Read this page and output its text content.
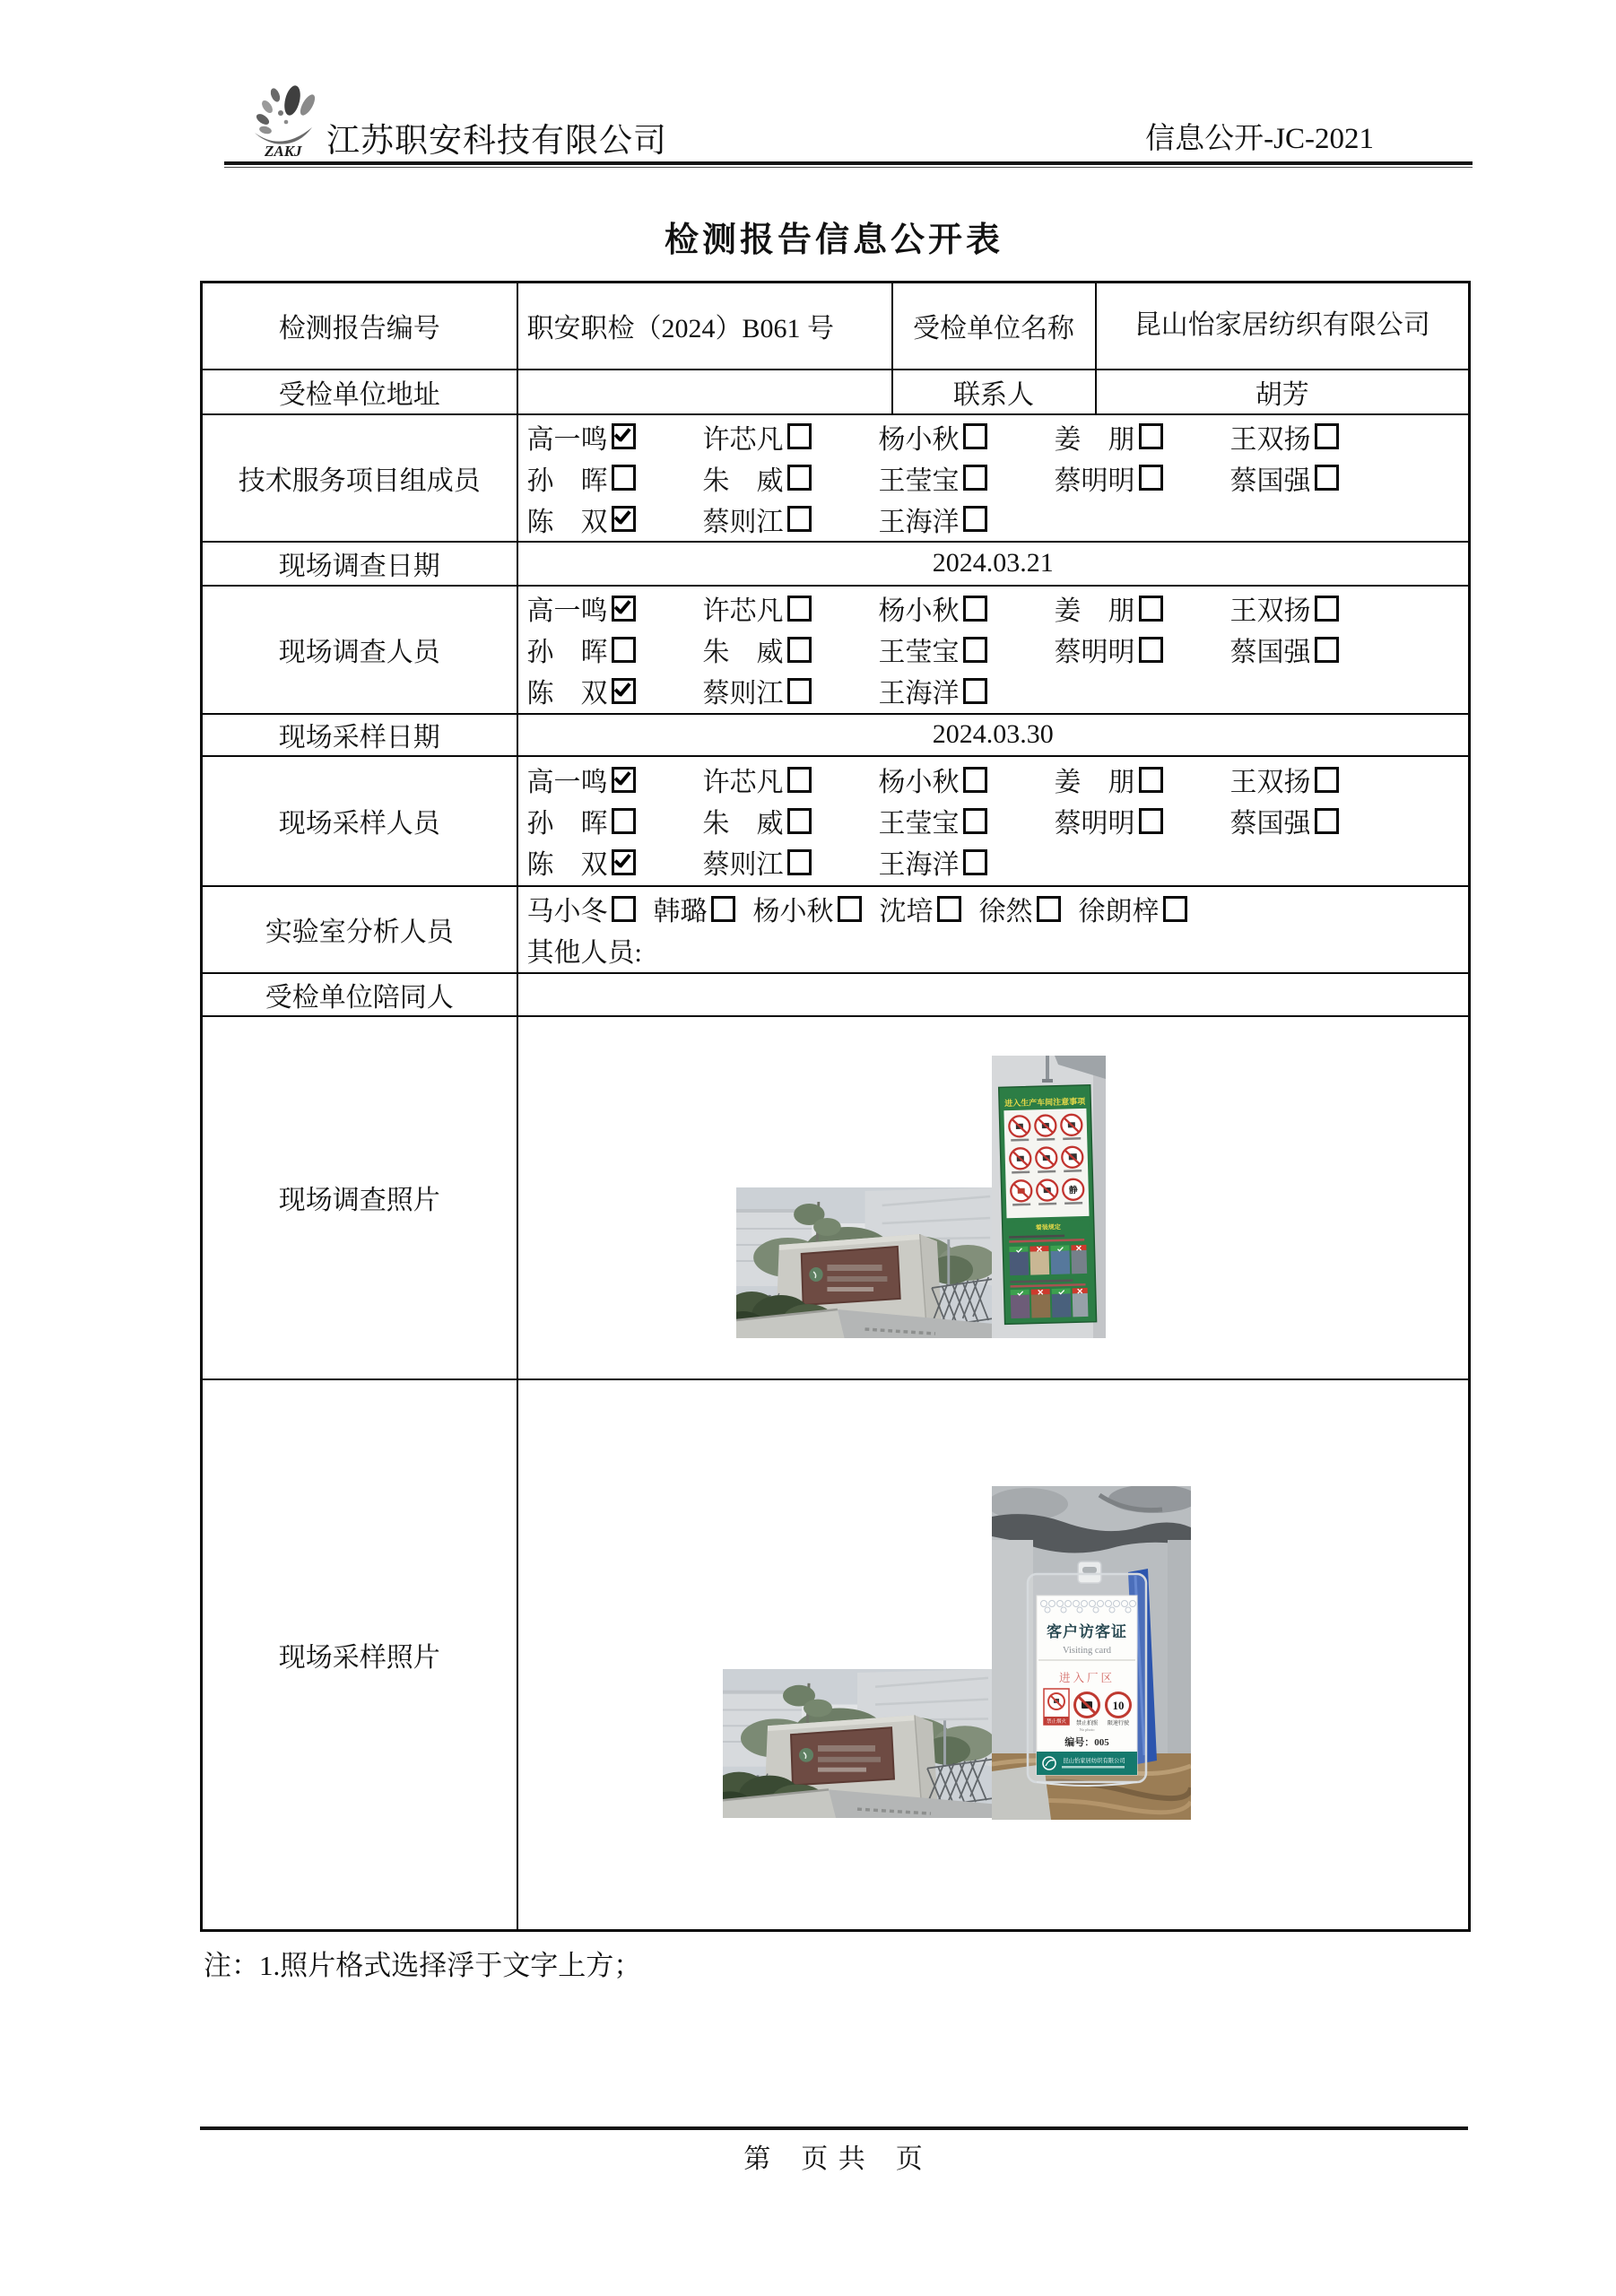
ZAKJ 江苏职安科技有限公司	信息公开-JC-2021
检测报告信息公开表
检测报告编号	职安职检（2024）B061 号	受检单位名称	昆山怡家居纺织有限公司
受检单位地址		联系人	胡芳
技术服务项目组成员	
高一鸣	许芯凡	杨小秋	姜　朋	王双扬
孙　晖	朱　威	王莹宝	蔡明明	蔡国强
陈　双	蔡则江	王海洋

现场调查日期	2024.03.21		
现场调查人员	
高一鸣	许芯凡	杨小秋	姜　朋	王双扬
孙　晖	朱　威	王莹宝	蔡明明	蔡国强
陈　双	蔡则江	王海洋

现场采样日期	2024.03.30		
现场采样人员	
高一鸣	许芯凡	杨小秋	姜　朋	王双扬
孙　晖	朱　威	王莹宝	蔡明明	蔡国强
陈　双	蔡则江	王海洋

实验室分析人员	
马小冬 韩璐 杨小秋 沈培 徐然 徐朗梓
其他人员:

受检单位陪同人			
现场调查照片	进入生产车间注意事项
静
着装规定		

现场采样照片	
客户访客证
Visiting card
进入厂区
禁止烟火 禁止拍照
No photo
10
限速行驶
编号：005
昆山怡家居纺织有限公司
注：1.照片格式选择浮于文字上方；
第　页 共　页
